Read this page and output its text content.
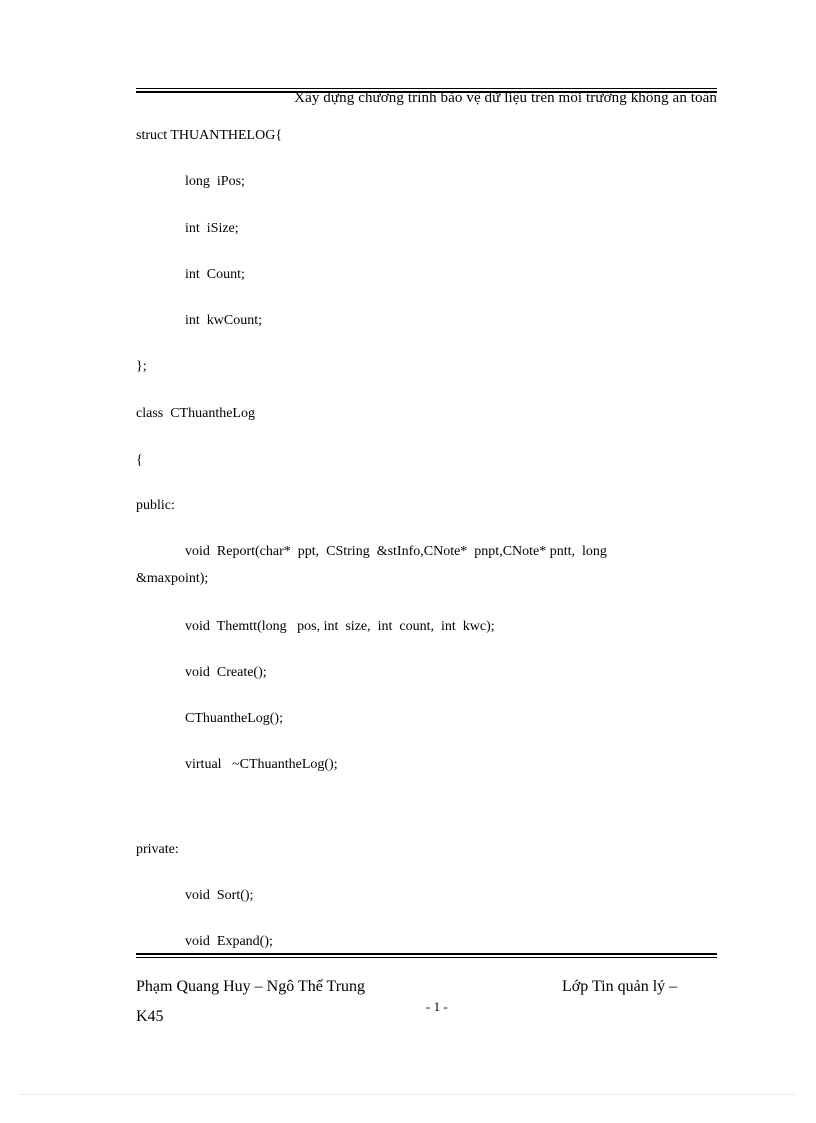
Xây dựng chương trình bảo vệ dữ liệu trên môi trường không an toàn
struct THUANTHELOG{
long  iPos;
int  iSize;
int  Count;
int  kwCount;
};
class  CThuantheLog
{
public:
void  Report(char*  ppt,  CString  &stInfo,CNote*  pnpt,CNote* pntt,  long
&maxpoint);
void  Themtt(long   pos, int  size,  int  count,  int  kwc);
void  Create();
CThuantheLog();
virtual   ~CThuantheLog();
private:
void  Sort();
void  Expand();
Phạm Quang Huy – Ngô Thế Trung	Lớp Tin quản lý –
K45
- 1 -
